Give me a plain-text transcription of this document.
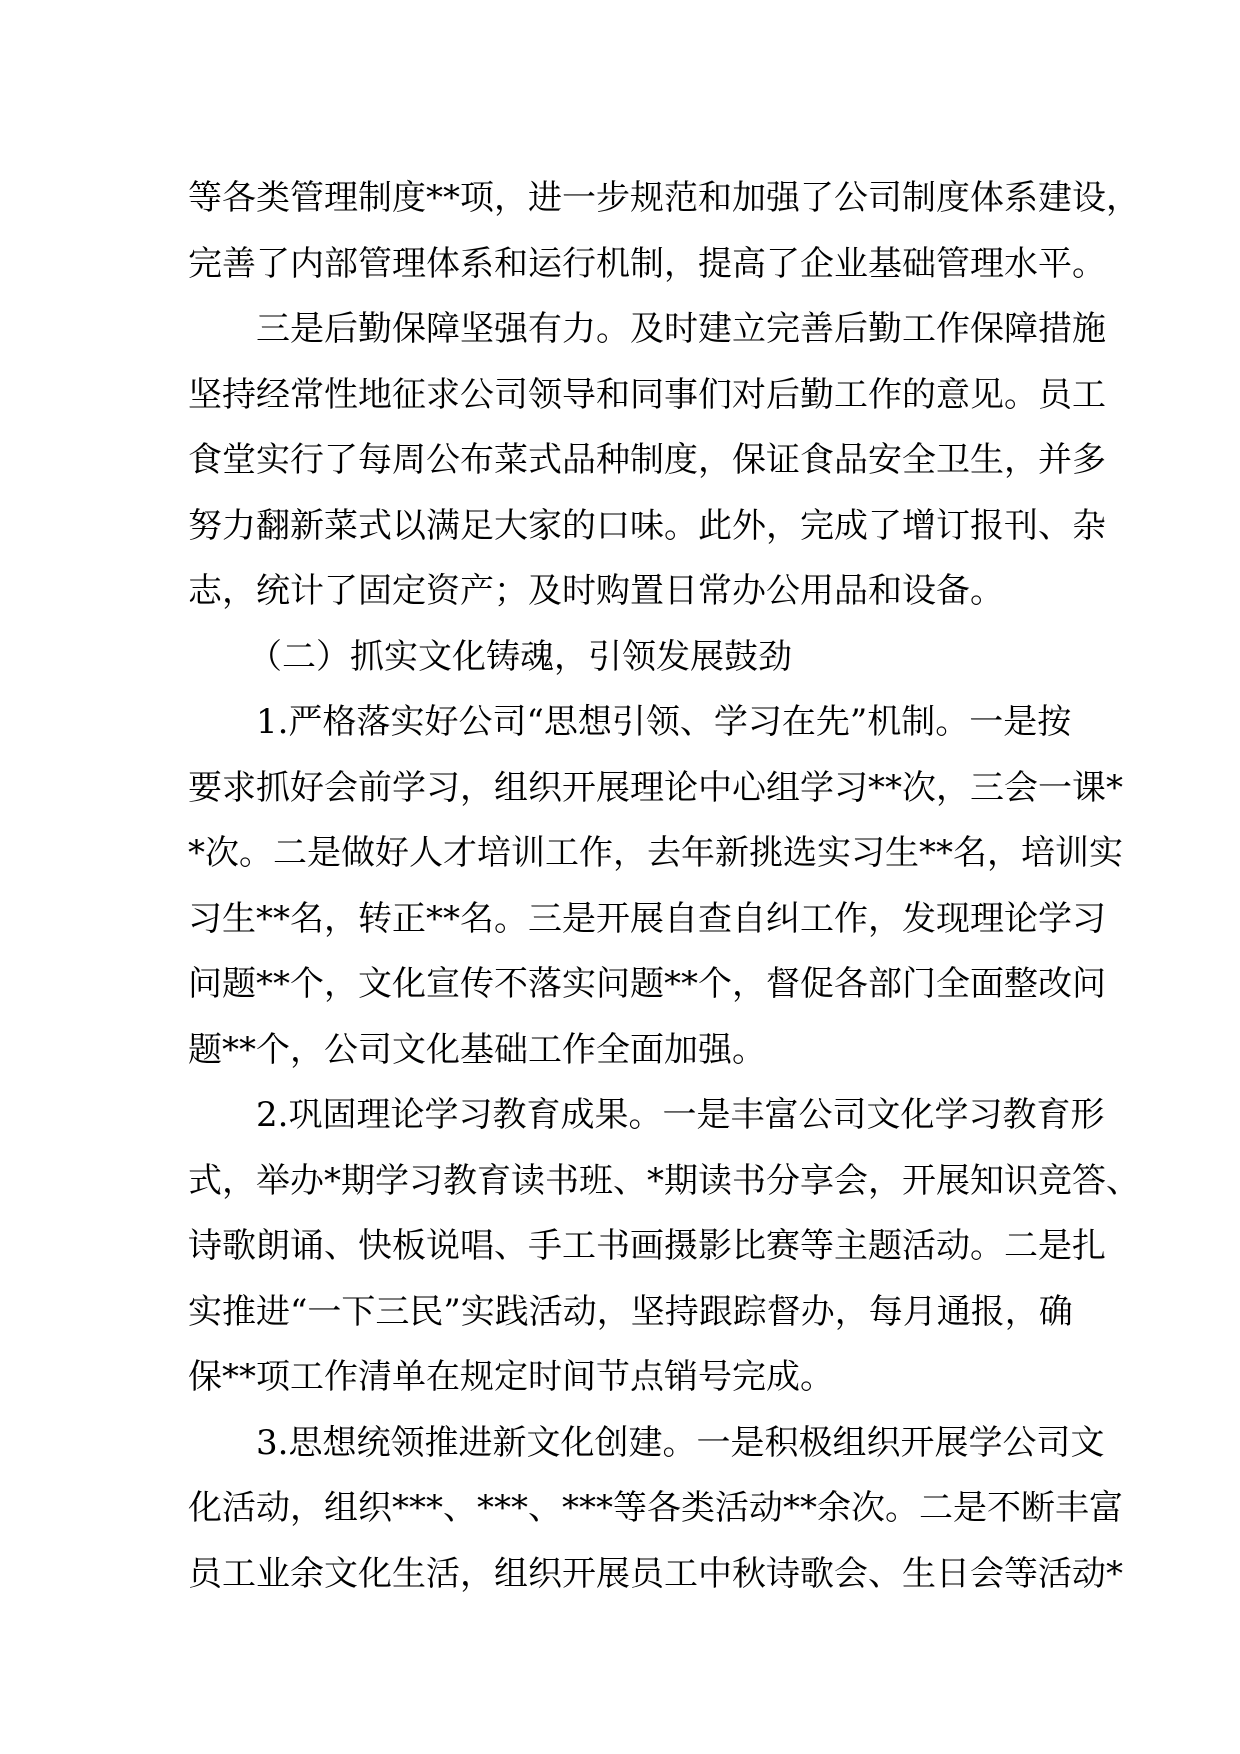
等各类管理制度**项，进一步规范和加强了公司制度体系建设，
完善了内部管理体系和运行机制，提高了企业基础管理水平。
三是后勤保障坚强有力。及时建立完善后勤工作保障措施
坚持经常性地征求公司领导和同事们对后勤工作的意见。员工
食堂实行了每周公布菜式品种制度，保证食品安全卫生，并多
努力翻新菜式以满足大家的口味。此外，完成了增订报刊、杂
志，统计了固定资产；及时购置日常办公用品和设备。
（二）抓实文化铸魂，引领发展鼓劲
1.严格落实好公司“思想引领、学习在先”机制。一是按
要求抓好会前学习，组织开展理论中心组学习**次，三会一课*
*次。二是做好人才培训工作，去年新挑选实习生**名，培训实
习生**名，转正**名。三是开展自查自纠工作，发现理论学习
问题**个，文化宣传不落实问题**个，督促各部门全面整改问
题**个，公司文化基础工作全面加强。
2.巩固理论学习教育成果。一是丰富公司文化学习教育形
式，举办*期学习教育读书班、*期读书分享会，开展知识竞答、
诗歌朗诵、快板说唱、手工书画摄影比赛等主题活动。二是扎
实推进“一下三民”实践活动，坚持跟踪督办，每月通报，确
保**项工作清单在规定时间节点销号完成。
3.思想统领推进新文化创建。一是积极组织开展学公司文
化活动，组织***、***、***等各类活动**余次。二是不断丰富
员工业余文化生活，组织开展员工中秋诗歌会、生日会等活动*
